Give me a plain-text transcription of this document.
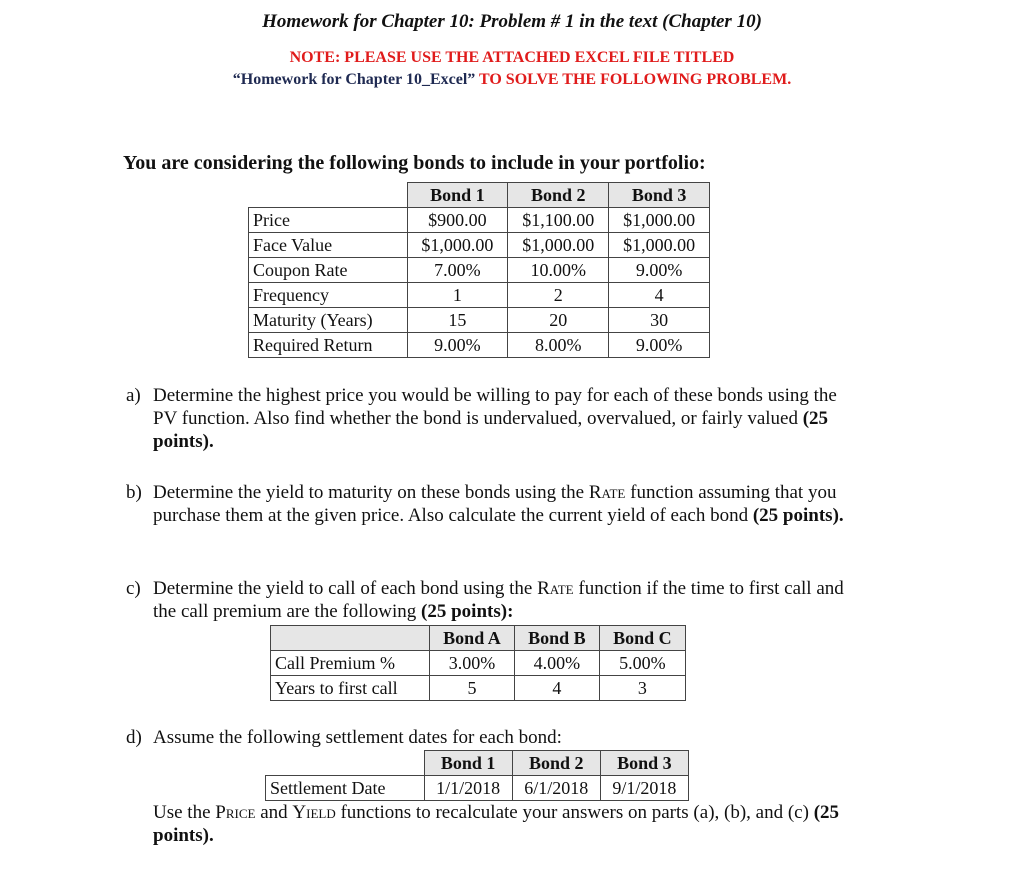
Homework for Chapter 10: Problem # 1 in the text (Chapter 10)
NOTE: PLEASE USE THE ATTACHED EXCEL FILE TITLED
“Homework for Chapter 10_Excel” TO SOLVE THE FOLLOWING PROBLEM.
You are considering the following bonds to include in your portfolio:
	Bond 1	Bond 2	Bond 3
Price	$900.00	$1,100.00	$1,000.00
Face Value	$1,000.00	$1,000.00	$1,000.00
Coupon Rate	7.00%	10.00%	9.00%
Frequency	1	2	4
Maturity (Years)	15	20	30
Required Return	9.00%	8.00%	9.00%
a) Determine the highest price you would be willing to pay for each of these bonds using the PV function. Also find whether the bond is undervalued, overvalued, or fairly valued (25 points).
b) Determine the yield to maturity on these bonds using the Rate function assuming that you purchase them at the given price. Also calculate the current yield of each bond (25 points).
c) Determine the yield to call of each bond using the Rate function if the time to first call and the call premium are the following (25 points):
	Bond A	Bond B	Bond C
Call Premium %	3.00%	4.00%	5.00%
Years to first call	5	4	3
d) Assume the following settlement dates for each bond:
	Bond 1	Bond 2	Bond 3
Settlement Date	1/1/2018	6/1/2018	9/1/2018
Use the Price and Yield functions to recalculate your answers on parts (a), (b), and (c) (25 points).
